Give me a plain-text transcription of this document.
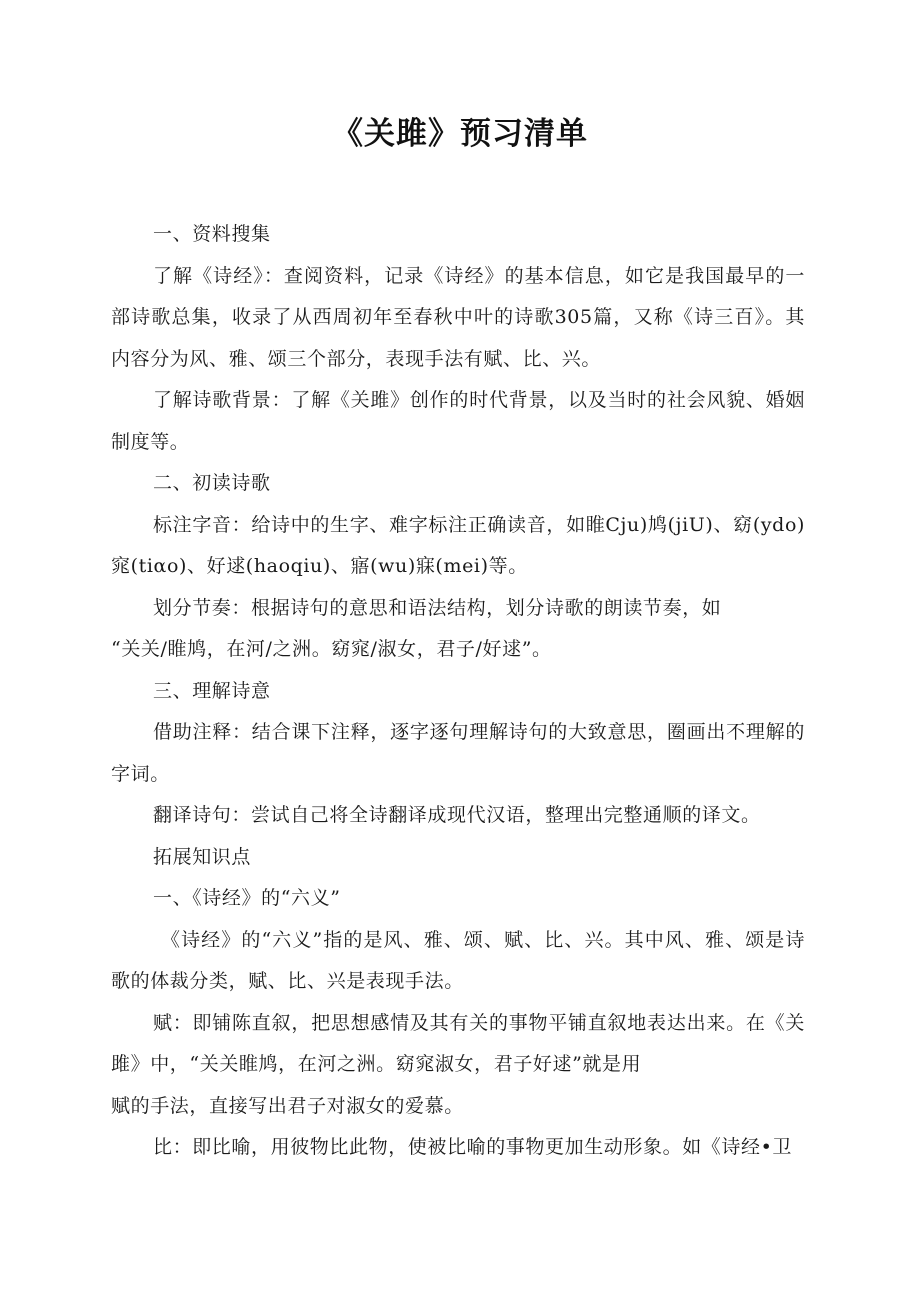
《关雎》预习清单

一、资料搜集

了解《诗经》：查阅资料，记录《诗经》的基本信息，如它是我国最早的一部诗歌总集，收录了从西周初年至春秋中叶的诗歌305篇，又称《诗三百》。其内容分为风、雅、颂三个部分，表现手法有赋、比、兴。

了解诗歌背景：了解《关雎》创作的时代背景，以及当时的社会风貌、婚姻制度等。

二、初读诗歌

标注字音：给诗中的生字、难字标注正确读音，如睢Cju)鸠(jiU)、窈(ydo)窕(tiαo)、好逑(haoqiu)、寤(wu)寐(mei)等。

划分节奏：根据诗句的意思和语法结构，划分诗歌的朗读节奏，如

“关关/睢鸠，在河/之洲。窈窕/淑女，君子/好逑”。

三、理解诗意

借助注释：结合课下注释，逐字逐句理解诗句的大致意思，圈画出不理解的字词。

翻译诗句：尝试自己将全诗翻译成现代汉语，整理出完整通顺的译文。

拓展知识点

一、《诗经》的“六义”

《诗经》的“六义”指的是风、雅、颂、赋、比、兴。其中风、雅、颂是诗歌的体裁分类，赋、比、兴是表现手法。

赋：即铺陈直叙，把思想感情及其有关的事物平铺直叙地表达出来。在《关雎》中，“关关睢鸠，在河之洲。窈窕淑女，君子好逑”就是用

赋的手法，直接写出君子对淑女的爱慕。

比：即比喻，用彼物比此物，使被比喻的事物更加生动形象。如《诗经•卫
